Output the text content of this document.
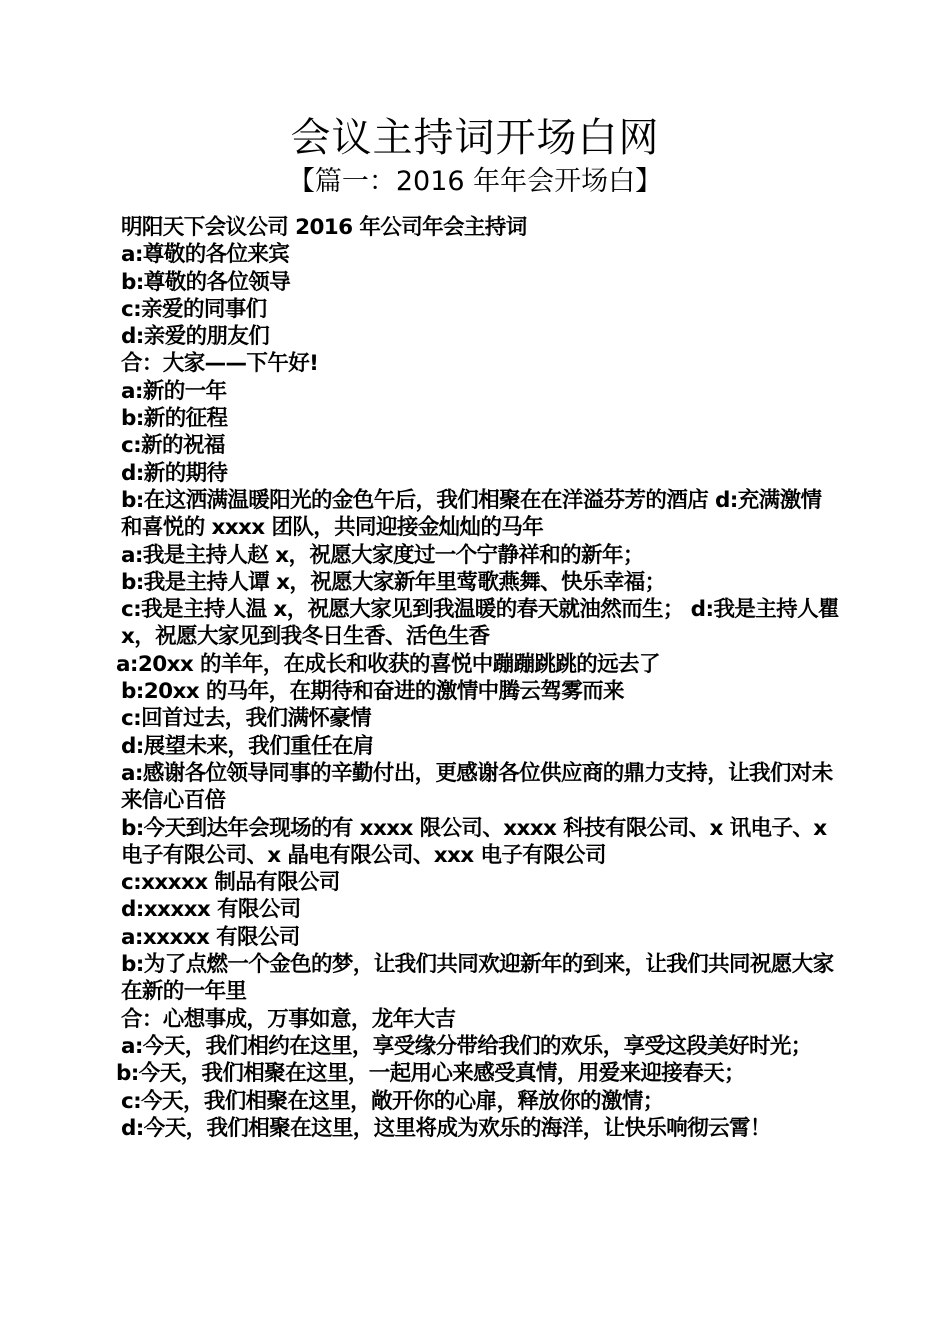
会议主持词开场白网
【篇一：2016 年年会开场白】

明阳天下会议公司 2016 年公司年会主持词

a:尊敬的各位来宾

b:尊敬的各位领导

c:亲爱的同事们

d:亲爱的朋友们

合：大家——下午好!

a:新的一年

b:新的征程

c:新的祝福

d:新的期待

b:在这洒满温暖阳光的金色午后，我们相聚在在洋溢芬芳的酒店 d:充满激情和喜悦的 xxxx 团队，共同迎接金灿灿的马年

a:我是主持人赵 x，祝愿大家度过一个宁静祥和的新年；

b:我是主持人谭 x，祝愿大家新年里莺歌燕舞、快乐幸福；

c:我是主持人温 x，祝愿大家见到我温暖的春天就油然而生； d:我是主持人瞿 x，祝愿大家见到我冬日生香、活色生香

a:20xx 的羊年，在成长和收获的喜悦中蹦蹦跳跳的远去了

b:20xx 的马年，在期待和奋进的激情中腾云驾雾而来

c:回首过去，我们满怀豪情

d:展望未来，我们重任在肩

a:感谢各位领导同事的辛勤付出，更感谢各位供应商的鼎力支持，让我们对未来信心百倍

b:今天到达年会现场的有 xxxx 限公司、xxxx 科技有限公司、x 讯电子、x 电子有限公司、x 晶电有限公司、xxx 电子有限公司

c:xxxxx 制品有限公司

d:xxxxx 有限公司

a:xxxxx 有限公司

b:为了点燃一个金色的梦，让我们共同欢迎新年的到来，让我们共同祝愿大家在新的一年里

合：心想事成，万事如意，龙年大吉

a:今天，我们相约在这里，享受缘分带给我们的欢乐，享受这段美好时光；

b:今天，我们相聚在这里，一起用心来感受真情，用爱来迎接春天；

c:今天，我们相聚在这里，敞开你的心扉，释放你的激情；

d:今天，我们相聚在这里，这里将成为欢乐的海洋，让快乐响彻云霄！
